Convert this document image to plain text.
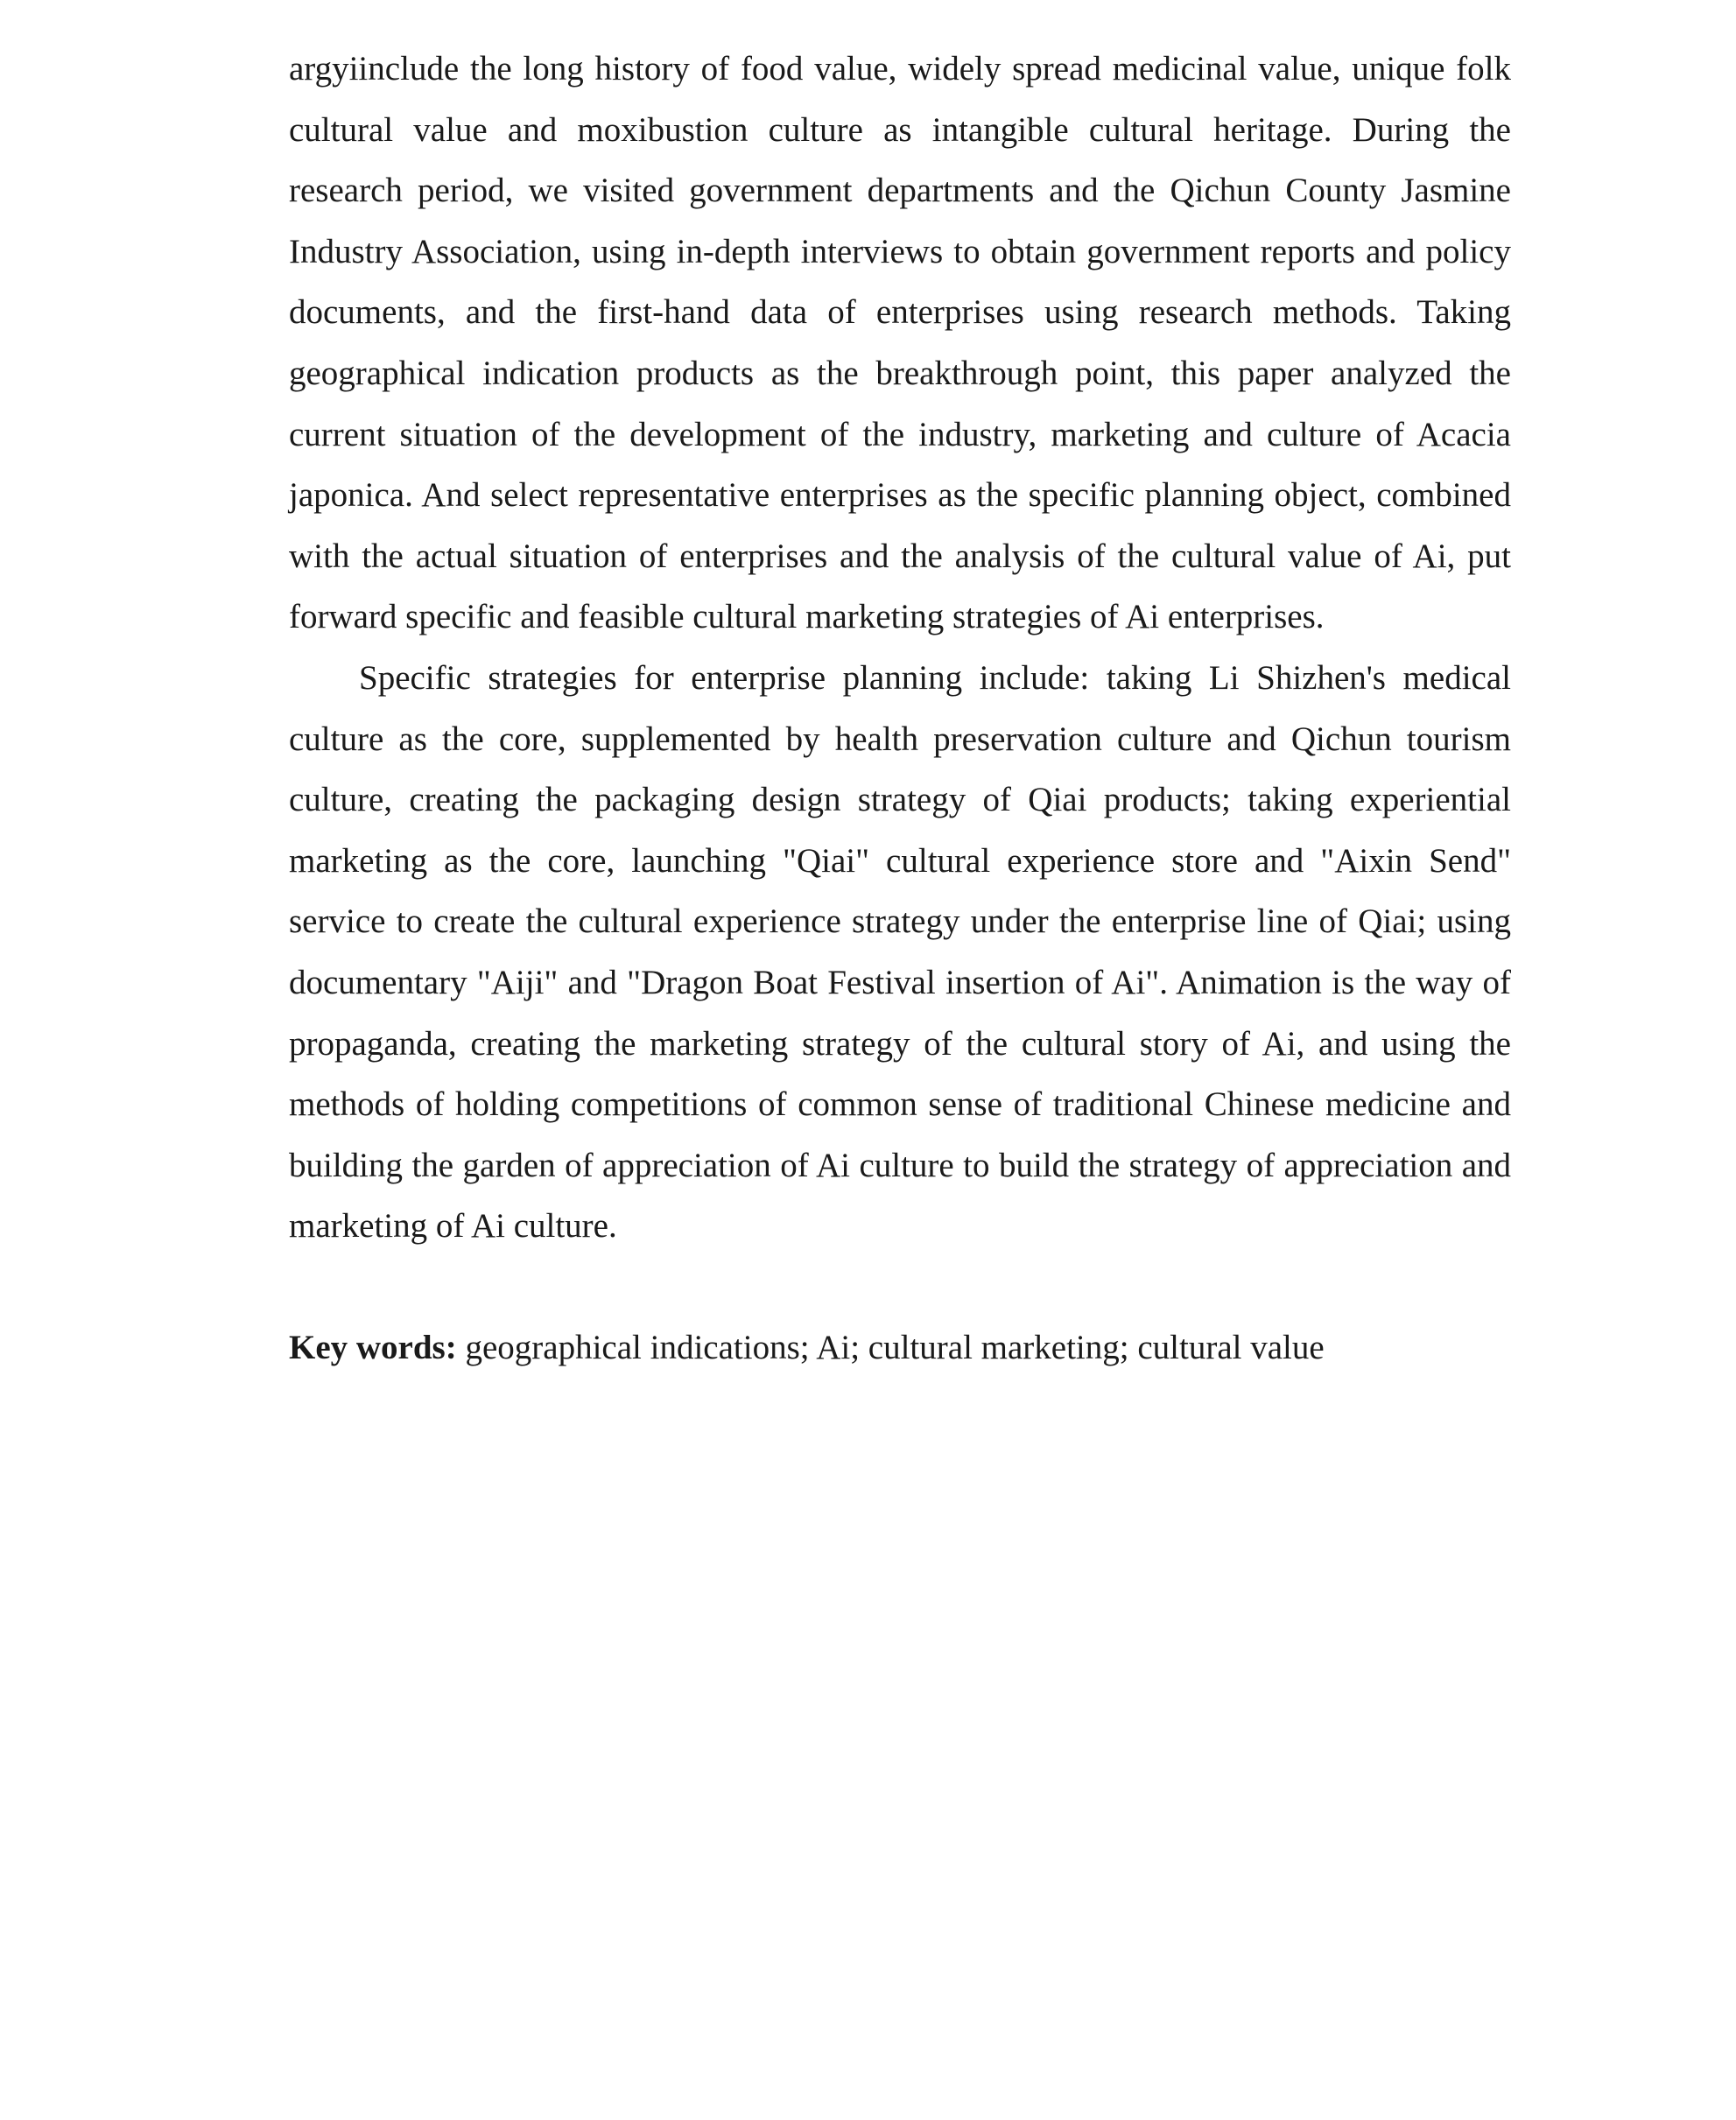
argyiinclude the long history of food value, widely spread medicinal value, unique folk cultural value and moxibustion culture as intangible cultural heritage. During the research period, we visited government departments and the Qichun County Jasmine Industry Association, using in-depth interviews to obtain government reports and policy documents, and the first-hand data of enterprises using research methods. Taking geographical indication products as the breakthrough point, this paper analyzed the current situation of the development of the industry, marketing and culture of Acacia japonica. And select representative enterprises as the specific planning object, combined with the actual situation of enterprises and the analysis of the cultural value of Ai, put forward specific and feasible cultural marketing strategies of Ai enterprises.

Specific strategies for enterprise planning include: taking Li Shizhen's medical culture as the core, supplemented by health preservation culture and Qichun tourism culture, creating the packaging design strategy of Qiai products; taking experiential marketing as the core, launching "Qiai" cultural experience store and "Aixin Send" service to create the cultural experience strategy under the enterprise line of Qiai; using documentary "Aiji" and "Dragon Boat Festival insertion of Ai". Animation is the way of propaganda, creating the marketing strategy of the cultural story of Ai, and using the methods of holding competitions of common sense of traditional Chinese medicine and building the garden of appreciation of Ai culture to build the strategy of appreciation and marketing of Ai culture.

Key words: geographical indications; Ai; cultural marketing; cultural value
